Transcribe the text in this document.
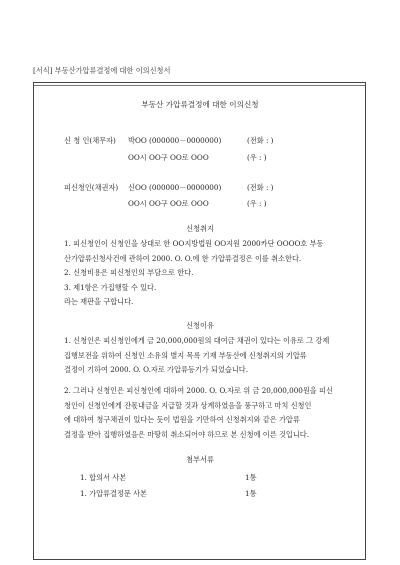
[서식] 부동산가압류결정에 대한 이의신청서
부동산 가압류결정에 대한 이의신청
신 청 인(채무자) 박OO (000000－0000000)	(전화 : )
OO시 OO구 OO로 OOO	(우 : )
피신청인(채권자) 신OO (000000－0000000)	(전화 : )
OO시 OO구 OO로 OOO	(우 : )
신청취지
1. 피신청인이 신청인을 상대로 한 OO지방법원 OO지원 2000카단 OOOO호 부동
산가압류신청사건에 관하여 2000. O. O.에 한 가압류결정은 이를 취소한다.
2. 신청비용은 피신청인의 부담으로 한다.
3. 제1항은 가집행할 수 있다.
라는 재판을 구합니다.
신청이유
1. 신청인은 피신청인에게 금 20,000,000원의 대여금 채권이 있다는 이유로 그 강제
집행보전을 위하여 신청인 소유의 별지 목록 기재 부동산에 신청취지의 기압류
결정이 기하여 2000. O. O.자로 가압류등기가 되었습니다.
2. 그러나 신청인은 피신청인에 대하여 2000. O. O.자로 위 금 20,000,000원을 피신
청인이 신청인에게 잔몫내금을 지급할 것과 상계하였음을 풍구하고 마치 신청인
에 대하여 청구채권이 있다는 듯이 법원을 기만하여 신청취지와 같은 가압류
결정을 받아 집행하였음은 마땅히 취소되어야 하므로 본 신청에 이른 것입니다.
첨부서류
1. 합의서 사본	1통
1. 가압류결정문 사본	1통
